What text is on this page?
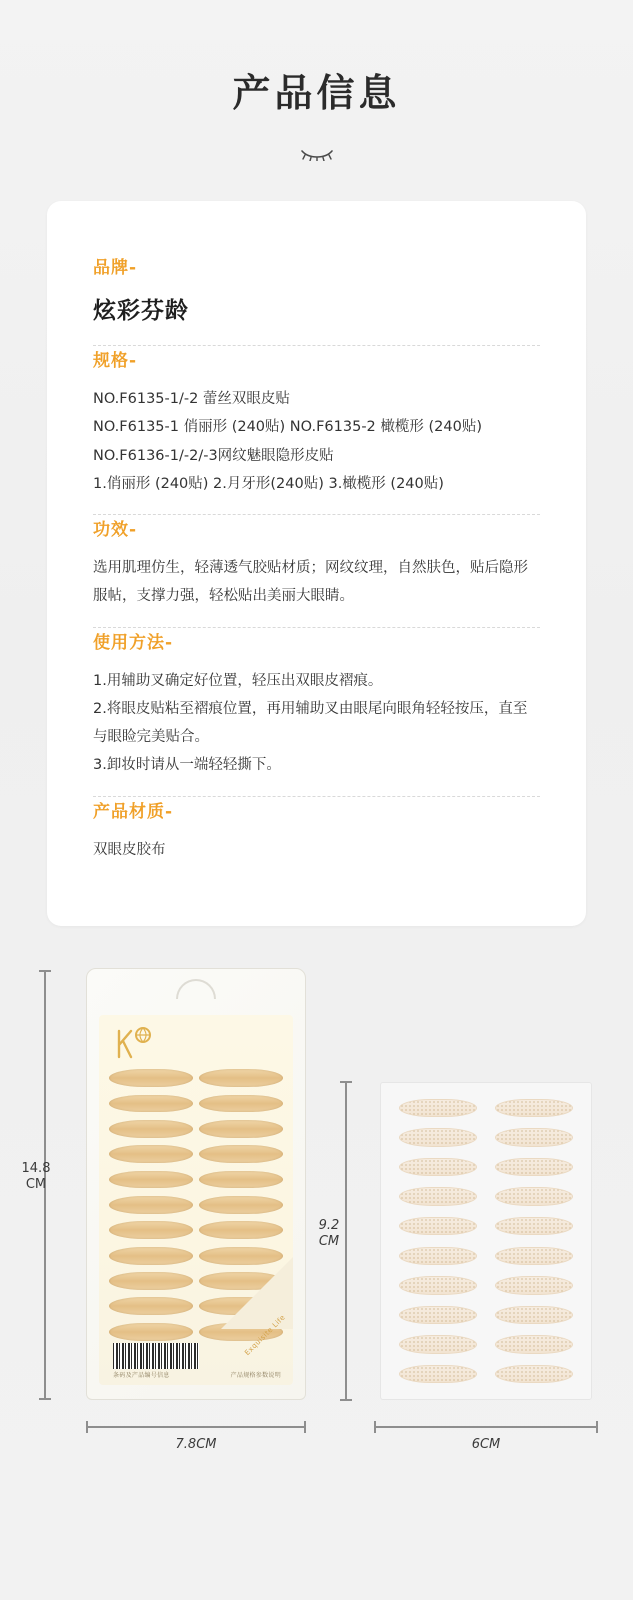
产品信息
品牌-
炫彩芬龄
规格-
NO.F6135-1/-2 蕾丝双眼皮贴
NO.F6135-1 俏丽形 (240贴) NO.F6135-2 橄榄形 (240贴)
NO.F6136-1/-2/-3网纹魅眼隐形皮贴
1.俏丽形 (240贴) 2.月牙形(240贴) 3.橄榄形 (240贴)
功效-
选用肌理仿生，轻薄透气胶贴材质；网纹纹理，自然肤色，贴后隐形服帖，支撑力强，轻松贴出美丽大眼睛。
使用方法-
1.用辅助叉确定好位置，轻压出双眼皮褶痕。
2.将眼皮贴粘至褶痕位置，再用辅助叉由眼尾向眼角轻轻按压，直至与眼睑完美贴合。
3.卸妆时请从一端轻轻撕下。
产品材质-
双眼皮胶布
14.8
CM
Exquisite Life
条码及产品编号信息	产品规格参数说明
9.2
CM
7.8CM	6CM
